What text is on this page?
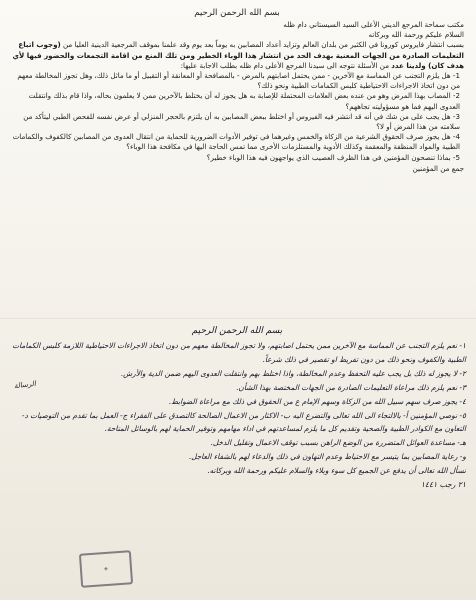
بسم الله الرحمن الرحيم

مكتب سماحة المرجع الديني الأعلى السيد السيستاني دام ظله

السلام عليكم ورحمة الله وبركاته

بسبب انتشار فايروس كورونا في الكثير من بلدان العالم وتزايد أعداد المصابين به يوماً بعد يوم وقد علمنا بموقف المرجعية الدينية العليا من (وجوب اتباع التعليمات الصادرة من الجهات المعنية بهدف الحد من انتشار هذا الوباء الخطير ومن تلك المنع من اقامة التجمعات والحضور فيها لأي هدف كان) ولدينا عدد من الأسئلة نتوجه الى سيدنا المرجع الأعلى دام ظله بطلب الاجابة عليها:

1- هل يلزم التجنب عن المماسة مع الآخرين - ممن يحتمل اصابتهم بالمرض - بالمصافحة أو المعانقة أو التقبيل أو ما ماثل ذلك، وهل تجوز المخالطة معهم من دون اتخاذ الاجراءات الاحتياطية كلبس الكمامات الطبية ونحو ذلك؟

2- المصاب بهذا المرض وهو من عنده بعض العلامات المحتملة للإصابة به هل يجوز له أن يختلط بالآخرين ممن لا يعلمون بحاله، واذا قام بذلك وانتقلت العدوى اليهم فما هو مسؤوليته تجاههم؟

3- هل يجب على من شك في أنه قد انتشر فيه الفيروس أو اختلط ببعض المصابين به أن يلتزم بالحجر المنزلي أو عرض نفسه للفحص الطبي ليتأكد من سلامته من هذا المرض أو لا؟

4- هل يجوز صرف الحقوق الشرعية من الزكاة والخمس وغيرهما في توفير الأدوات الضرورية للحماية من انتقال العدوى من المصابين كالكفوف والكمامات الطبية والمواد المنظفة والمعقمة وكذلك الأدوية والمستلزمات الأخرى مما تمس الحاجة اليها في مكافحة هذا الوباء؟

5- بماذا تنصحون المؤمنين في هذا الظرف العصيب الذي يواجهون فيه هذا الوباء خطير؟

جمع من المؤمنين

بسم الله الرحمن الرحيم

١- نعم يلزم التجنب عن المماسة مع الآخرين ممن يحتمل اصابتهم، ولا تجوز المخالطة معهم من دون اتخاذ الاجراءات الاحتياطية اللازمة كلبس الكمامات الطبية والكفوف ونحو ذلك من دون تفريط او تقصير في ذلك شرعاً.

٢- لا يجوز له ذلك بل يجب عليه التحفظ وعدم المخالطة، واذا اختلط بهم وانتقلت العدوى اليهم ضمن الدية والأرش.

٣- نعم يلزم ذلك مراعاة التعليمات الصادرة من الجهات المختصة بهذا الشأن.

٤- يجوز صرف سهم سبيل الله من الزكاة وسهم الإمام ع من الحقوق في ذلك مع مراعاة الضوابط.

٥- نوصي المؤمنين أ- بالالتجاء الى الله تعالى والتضرع اليه ب- الاكثار من الاعمال الصالحة كالتصدق على الفقراء ج- العمل بما تقدم من التوصيات د- التعاون مع الكوادر الطبية والصحية وتقديم كل ما يلزم لمساعدتهم في اداء مهامهم وتوفير الحماية لهم بالوسائل المتاحة.

هـ- مساعدة العوائل المتضررة من الوضع الراهن بسبب توقف الاعمال وتقليل الدخل.

و- رعاية المصابين بما يتيسر مع الاحتياط وعدم التهاون في ذلك والدعاء لهم بالشفاء العاجل.

نسأل الله تعالى أن يدفع عن الجميع كل سوء وبلاء والسلام عليكم ورحمة الله وبركاته.

٢١ رجب ١٤٤١

الرسالة
◈
